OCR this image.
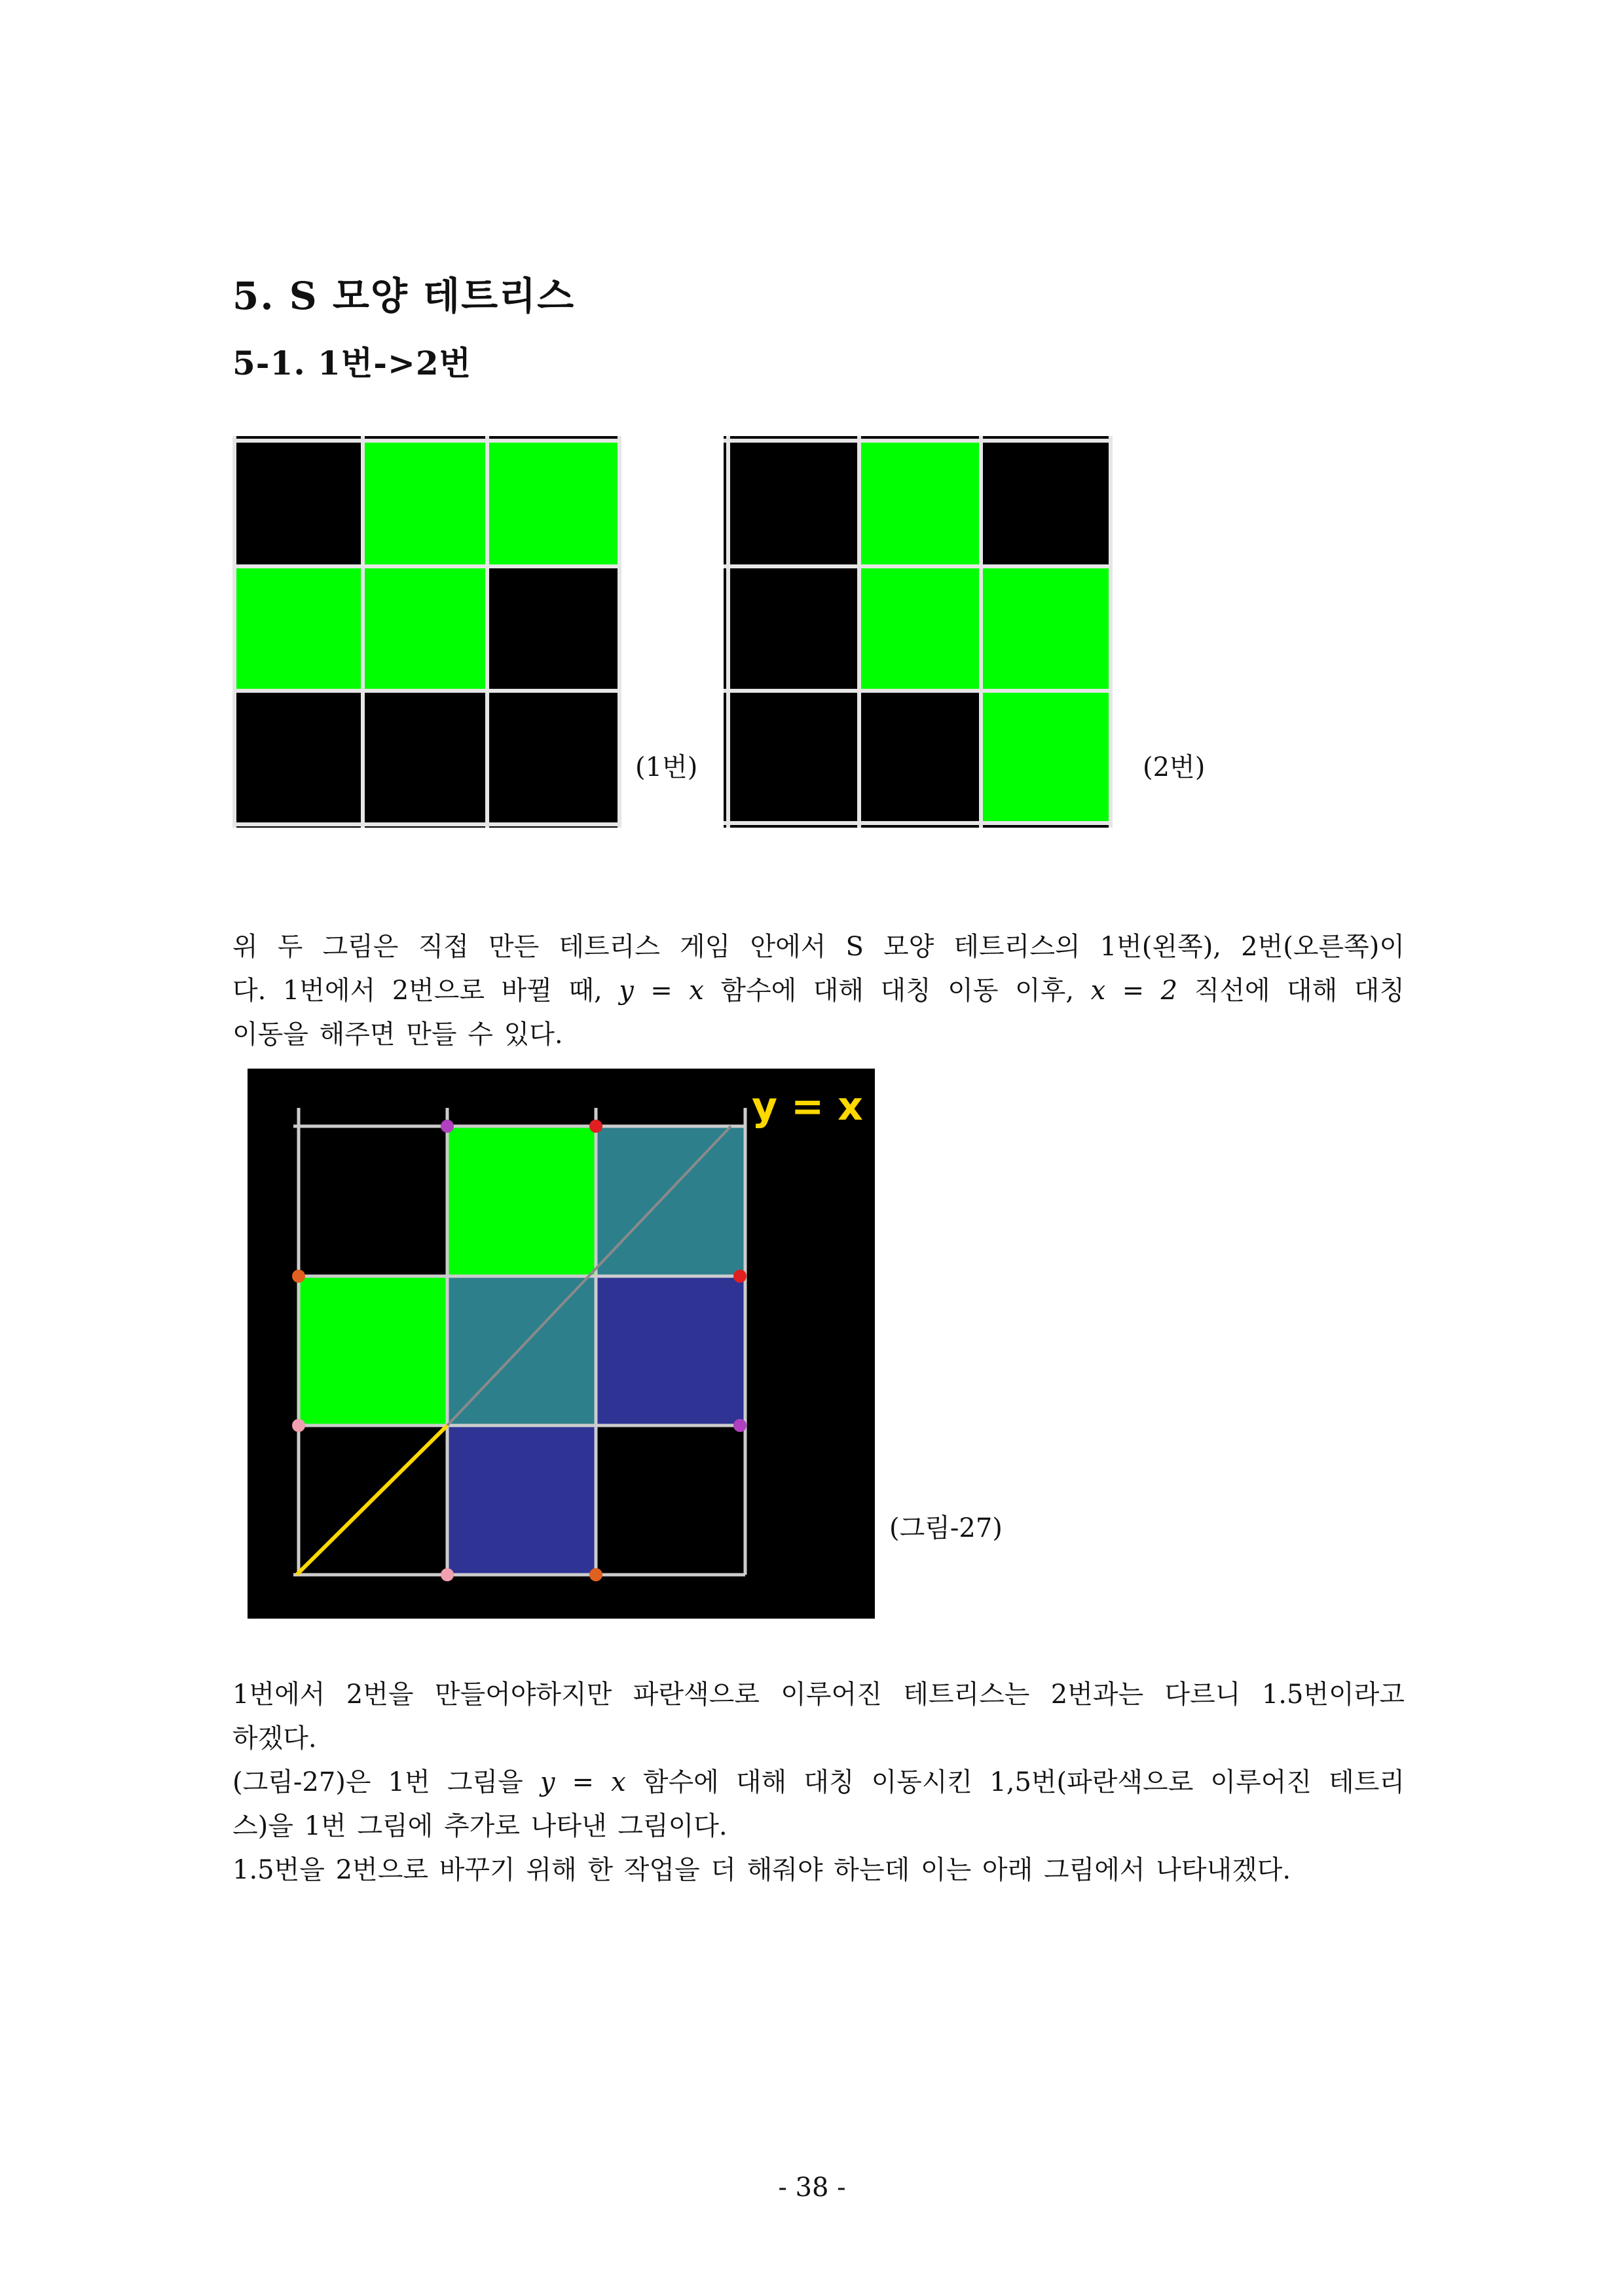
5. S 모양 테트리스
5-1. 1번->2번
(1번)	(2번)
위 두 그림은 직접 만든 테트리스 게임 안에서 S 모양 테트리스의 1번(왼쪽), 2번(오른쪽)이
다. 1번에서 2번으로 바뀔 때, y = x 함수에 대해 대칭 이동 이후, x = 2 직선에 대해 대칭
이동을 해주면 만들 수 있다.
y = x
(그림-27)
1번에서 2번을 만들어야하지만 파란색으로 이루어진 테트리스는 2번과는 다르니 1.5번이라고
하겠다.
(그림-27)은 1번 그림을 y = x 함수에 대해 대칭 이동시킨 1,5번(파란색으로 이루어진 테트리
스)을 1번 그림에 추가로 나타낸 그림이다.
1.5번을 2번으로 바꾸기 위해 한 작업을 더 해줘야 하는데 이는 아래 그림에서 나타내겠다.
- 38 -
